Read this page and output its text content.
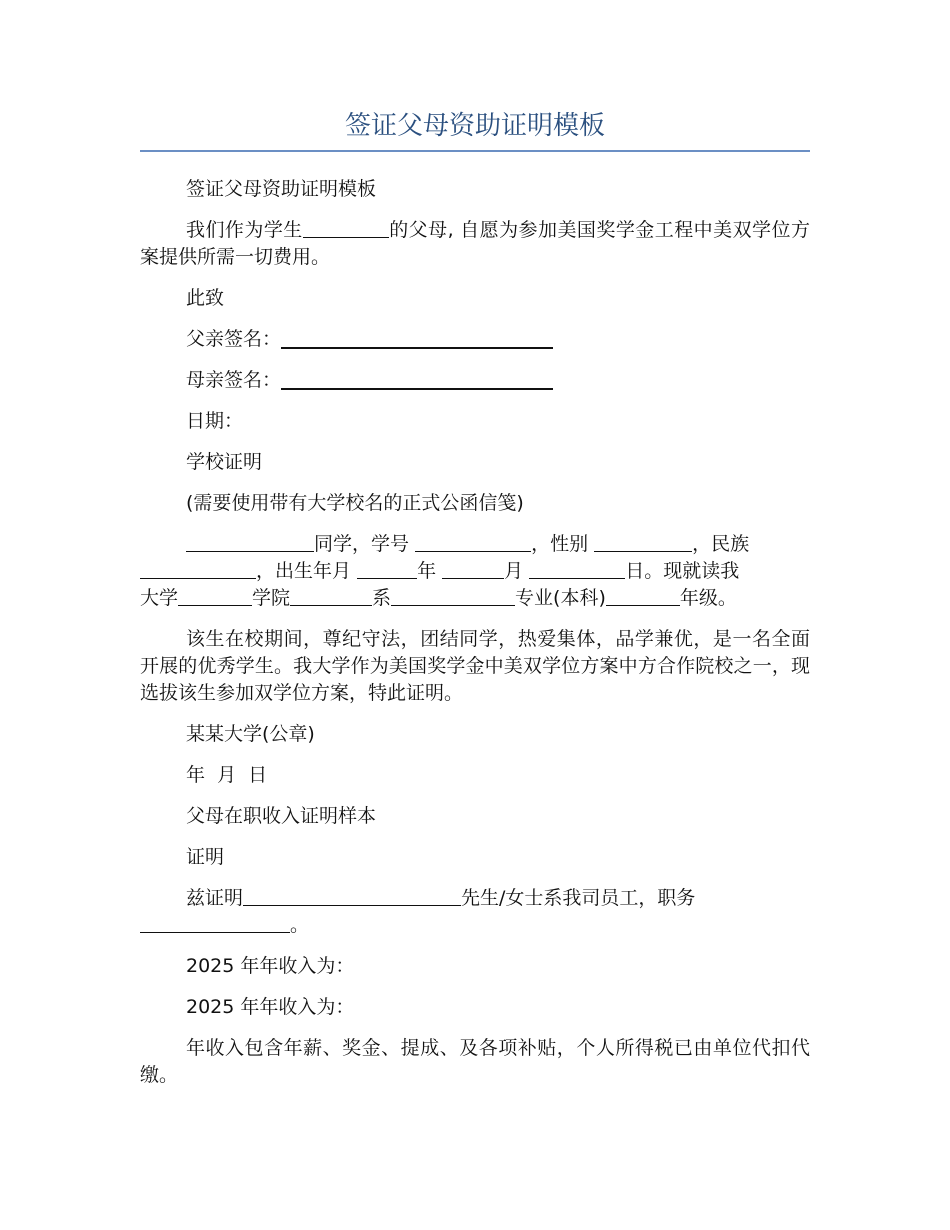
签证父母资助证明模板

签证父母资助证明模板

我们作为学生	的父母, 自愿为参加美国奖学金工程中美双学位方案提供所需一切费用。

此致

父亲签名：

母亲签名：

日期：

学校证明

(需要使用带有大学校名的正式公函信笺)

同学，学号	，性别	，民族
，出生年月	年	月	日。现就读我
大学	学院	系	专业(本科)	年级。

该生在校期间，尊纪守法，团结同学，热爱集体，品学兼优，是一名全面开展的优秀学生。我大学作为美国奖学金中美双学位方案中方合作院校之一，现选拔该生参加双学位方案，特此证明。

某某大学(公章)

年  月  日

父母在职收入证明样本

证明

兹证明	先生/女士系我司员工，职务
。

2025 年年收入为：

2025 年年收入为：

年收入包含年薪、奖金、提成、及各项补贴，个人所得税已由单位代扣代缴。
